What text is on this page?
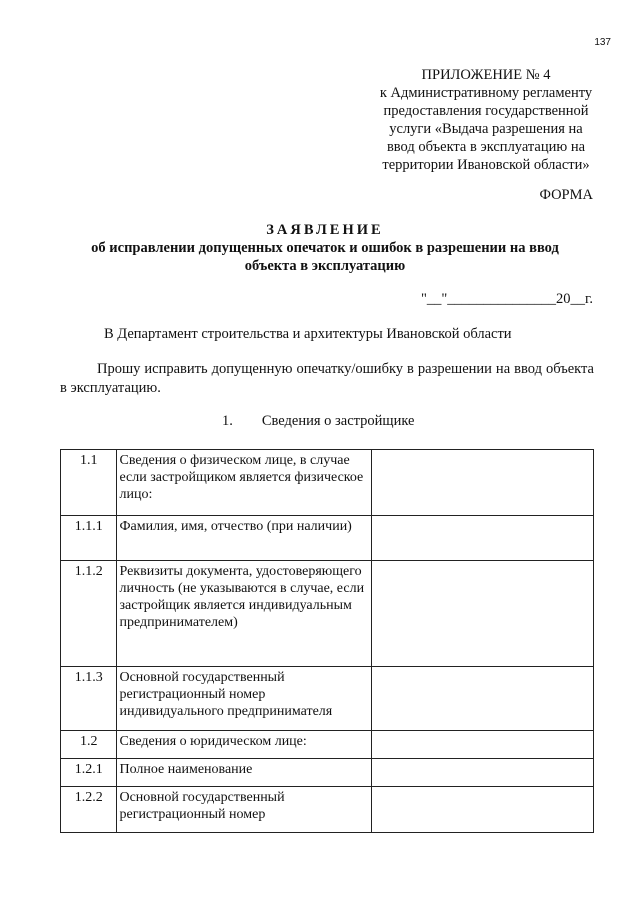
137
ПРИЛОЖЕНИЕ № 4
к Административному регламенту
предоставления государственной
услуги «Выдача разрешения на
ввод объекта в эксплуатацию на
территории Ивановской области»
ФОРМА
ЗАЯВЛЕНИЕ
об исправлении допущенных опечаток и ошибок в разрешении на ввод
объекта в эксплуатацию
"__"_______________20__г.
В Департамент строительства и архитектуры Ивановской области
Прошу исправить допущенную опечатку/ошибку в разрешении на ввод объекта в эксплуатацию.
1. Сведения о застройщике
1.1	Сведения о физическом лице, в случае если застройщиком является физическое лицо:	
1.1.1	Фамилия, имя, отчество (при наличии)	
1.1.2	Реквизиты документа, удостоверяющего личность (не указываются в случае, если застройщик является индивидуальным предпринимателем)	
1.1.3	Основной государственный регистрационный номер индивидуального предпринимателя	
1.2	Сведения о юридическом лице:	
1.2.1	Полное наименование	
1.2.2	Основной государственный регистрационный номер	
